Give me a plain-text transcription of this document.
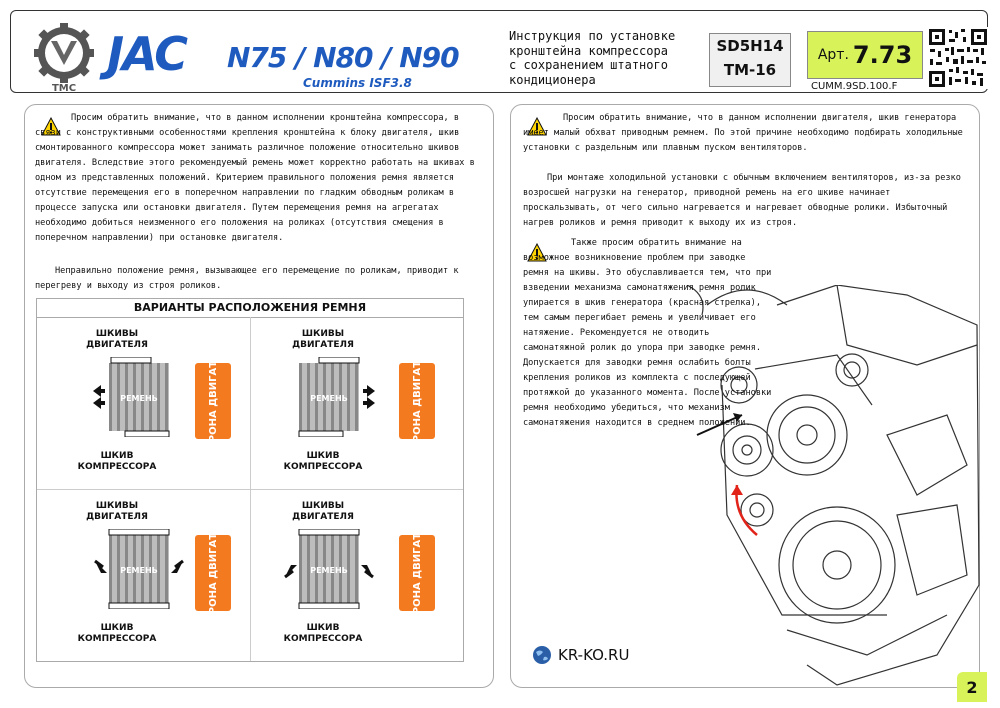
TMC
JAC N75 / N80 / N90
Cummins ISF3.8
Инструкция по установке
кронштейна компрессора
с сохранением штатного
кондиционера
SD5H14
TM-16
Арт. 7.73
CUMM.9SD.100.F
Просим обратить внимание, что в данном исполнении кронштейна компрессора, в связи с конструктивными особенностями крепления кронштейна к блоку двигателя, шкив смонтированного компрессора может занимать различное положение относительно шкивов двигателя. Вследствие этого рекомендуемый ремень может корректно работать на шкивах в одном из представленных положений. Критерием правильного положения ремня является отсутствие перемещения его в поперечном направлении по гладким обводным роликам в процессе запуска или остановки двигателя. Путем перемещения ремня на агрегатах необходимо добиться неизменного его положения на роликах (отсутствия смещения в поперечном направлении) при остановке двигателя.
Неправильно положение ремня, вызывающее его перемещение по роликам, приводит к перегреву и выходу из строя роликов.
ВАРИАНТЫ РАСПОЛОЖЕНИЯ РЕМНЯ
ШКИВЫ ДВИГАТЕЛЯ
РЕМЕНЬ
ШКИВ КОМПРЕССОРА
СТОРОНА ДВИГАТЕЛЯ
ШКИВЫ ДВИГАТЕЛЯ
РЕМЕНЬ
ШКИВ КОМПРЕССОРА
СТОРОНА ДВИГАТЕЛЯ
ШКИВЫ ДВИГАТЕЛЯ
РЕМЕНЬ
ШКИВ КОМПРЕССОРА
СТОРОНА ДВИГАТЕЛЯ
ШКИВЫ ДВИГАТЕЛЯ
РЕМЕНЬ
ШКИВ КОМПРЕССОРА
СТОРОНА ДВИГАТЕЛЯ
Просим обратить внимание, что в данном исполнении двигателя, шкив генератора имеет малый обхват приводным ремнем. По этой причине необходимо подбирать холодильные установки с раздельным или плавным пуском вентиляторов.
При монтаже холодильной установки с обычным включением вентиляторов, из-за резко возросшей нагрузки на генератор, приводной ремень на его шкиве начинает проскальзывать, от чего сильно нагревается и нагревает обводные ролики. Избыточный нагрев роликов и ремня приводит к выходу их из строя.
Также просим обратить внимание на возможное возникновение проблем при заводке ремня на шкивы. Это обуславливается тем, что при взведении механизма самонатяжения ремня ролик упирается в шкив генератора (красная стрелка), тем самым перегибает ремень и увеличивает его натяжение. Рекомендуется не отводить самонатяжной ролик до упора при заводке ремня. Допускается для заводки ремня ослабить болты крепления роликов из комплекта с последующей протяжкой до указанного момента. После установки ремня необходимо убедиться, что механизм самонатяжения находится в среднем положении.
KR-KO.RU
2
